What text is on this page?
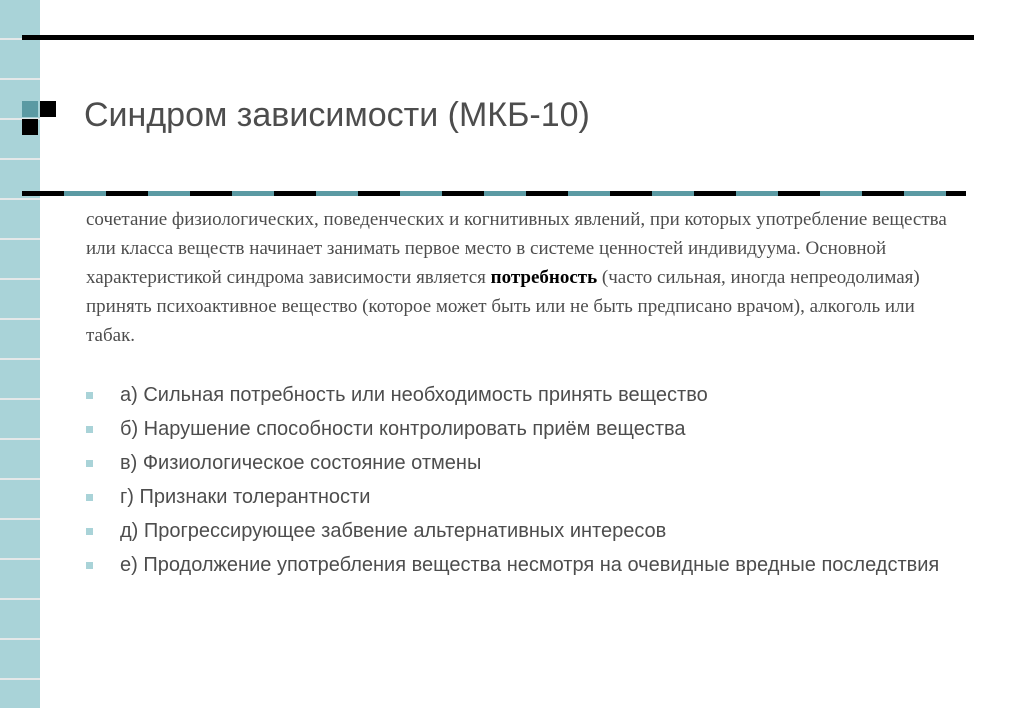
Синдром зависимости (МКБ-10)

сочетание физиологических, поведенческих и когнитивных явлений, при которых употребление вещества или класса веществ начинает занимать первое место в системе ценностей индивидуума. Основной характеристикой синдрома зависимости является потребность (часто сильная, иногда непреодолимая) принять психоактивное вещество (которое может быть или не быть предписано врачом), алкоголь или табак.

а) Сильная потребность или необходимость принять вещество
б) Нарушение способности контролировать приём вещества
в) Физиологическое состояние отмены
г) Признаки толерантности
д) Прогрессирующее забвение альтернативных интересов
е) Продолжение употребления вещества несмотря на очевидные вредные последствия
